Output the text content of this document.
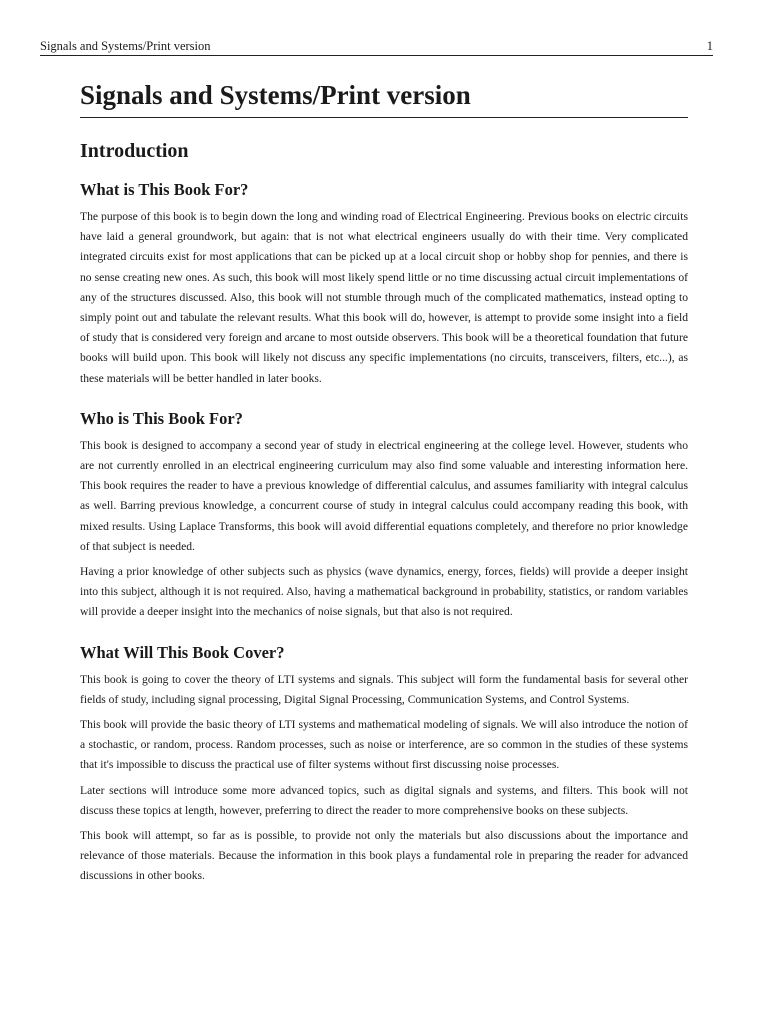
Signals and Systems/Print version	1
Signals and Systems/Print version
Introduction
What is This Book For?

The purpose of this book is to begin down the long and winding road of Electrical Engineering. Previous books on electric circuits have laid a general groundwork, but again: that is not what electrical engineers usually do with their time. Very complicated integrated circuits exist for most applications that can be picked up at a local circuit shop or hobby shop for pennies, and there is no sense creating new ones. As such, this book will most likely spend little or no time discussing actual circuit implementations of any of the structures discussed. Also, this book will not stumble through much of the complicated mathematics, instead opting to simply point out and tabulate the relevant results. What this book will do, however, is attempt to provide some insight into a field of study that is considered very foreign and arcane to most outside observers. This book will be a theoretical foundation that future books will build upon. This book will likely not discuss any specific implementations (no circuits, transceivers, filters, etc...), as these materials will be better handled in later books.

Who is This Book For?

This book is designed to accompany a second year of study in electrical engineering at the college level. However, students who are not currently enrolled in an electrical engineering curriculum may also find some valuable and interesting information here. This book requires the reader to have a previous knowledge of differential calculus, and assumes familiarity with integral calculus as well. Barring previous knowledge, a concurrent course of study in integral calculus could accompany reading this book, with mixed results. Using Laplace Transforms, this book will avoid differential equations completely, and therefore no prior knowledge of that subject is needed.

Having a prior knowledge of other subjects such as physics (wave dynamics, energy, forces, fields) will provide a deeper insight into this subject, although it is not required. Also, having a mathematical background in probability, statistics, or random variables will provide a deeper insight into the mechanics of noise signals, but that also is not required.

What Will This Book Cover?

This book is going to cover the theory of LTI systems and signals. This subject will form the fundamental basis for several other fields of study, including signal processing, Digital Signal Processing, Communication Systems, and Control Systems.

This book will provide the basic theory of LTI systems and mathematical modeling of signals. We will also introduce the notion of a stochastic, or random, process. Random processes, such as noise or interference, are so common in the studies of these systems that it's impossible to discuss the practical use of filter systems without first discussing noise processes.

Later sections will introduce some more advanced topics, such as digital signals and systems, and filters. This book will not discuss these topics at length, however, preferring to direct the reader to more comprehensive books on these subjects.

This book will attempt, so far as is possible, to provide not only the materials but also discussions about the importance and relevance of those materials. Because the information in this book plays a fundamental role in preparing the reader for advanced discussions in other books.
